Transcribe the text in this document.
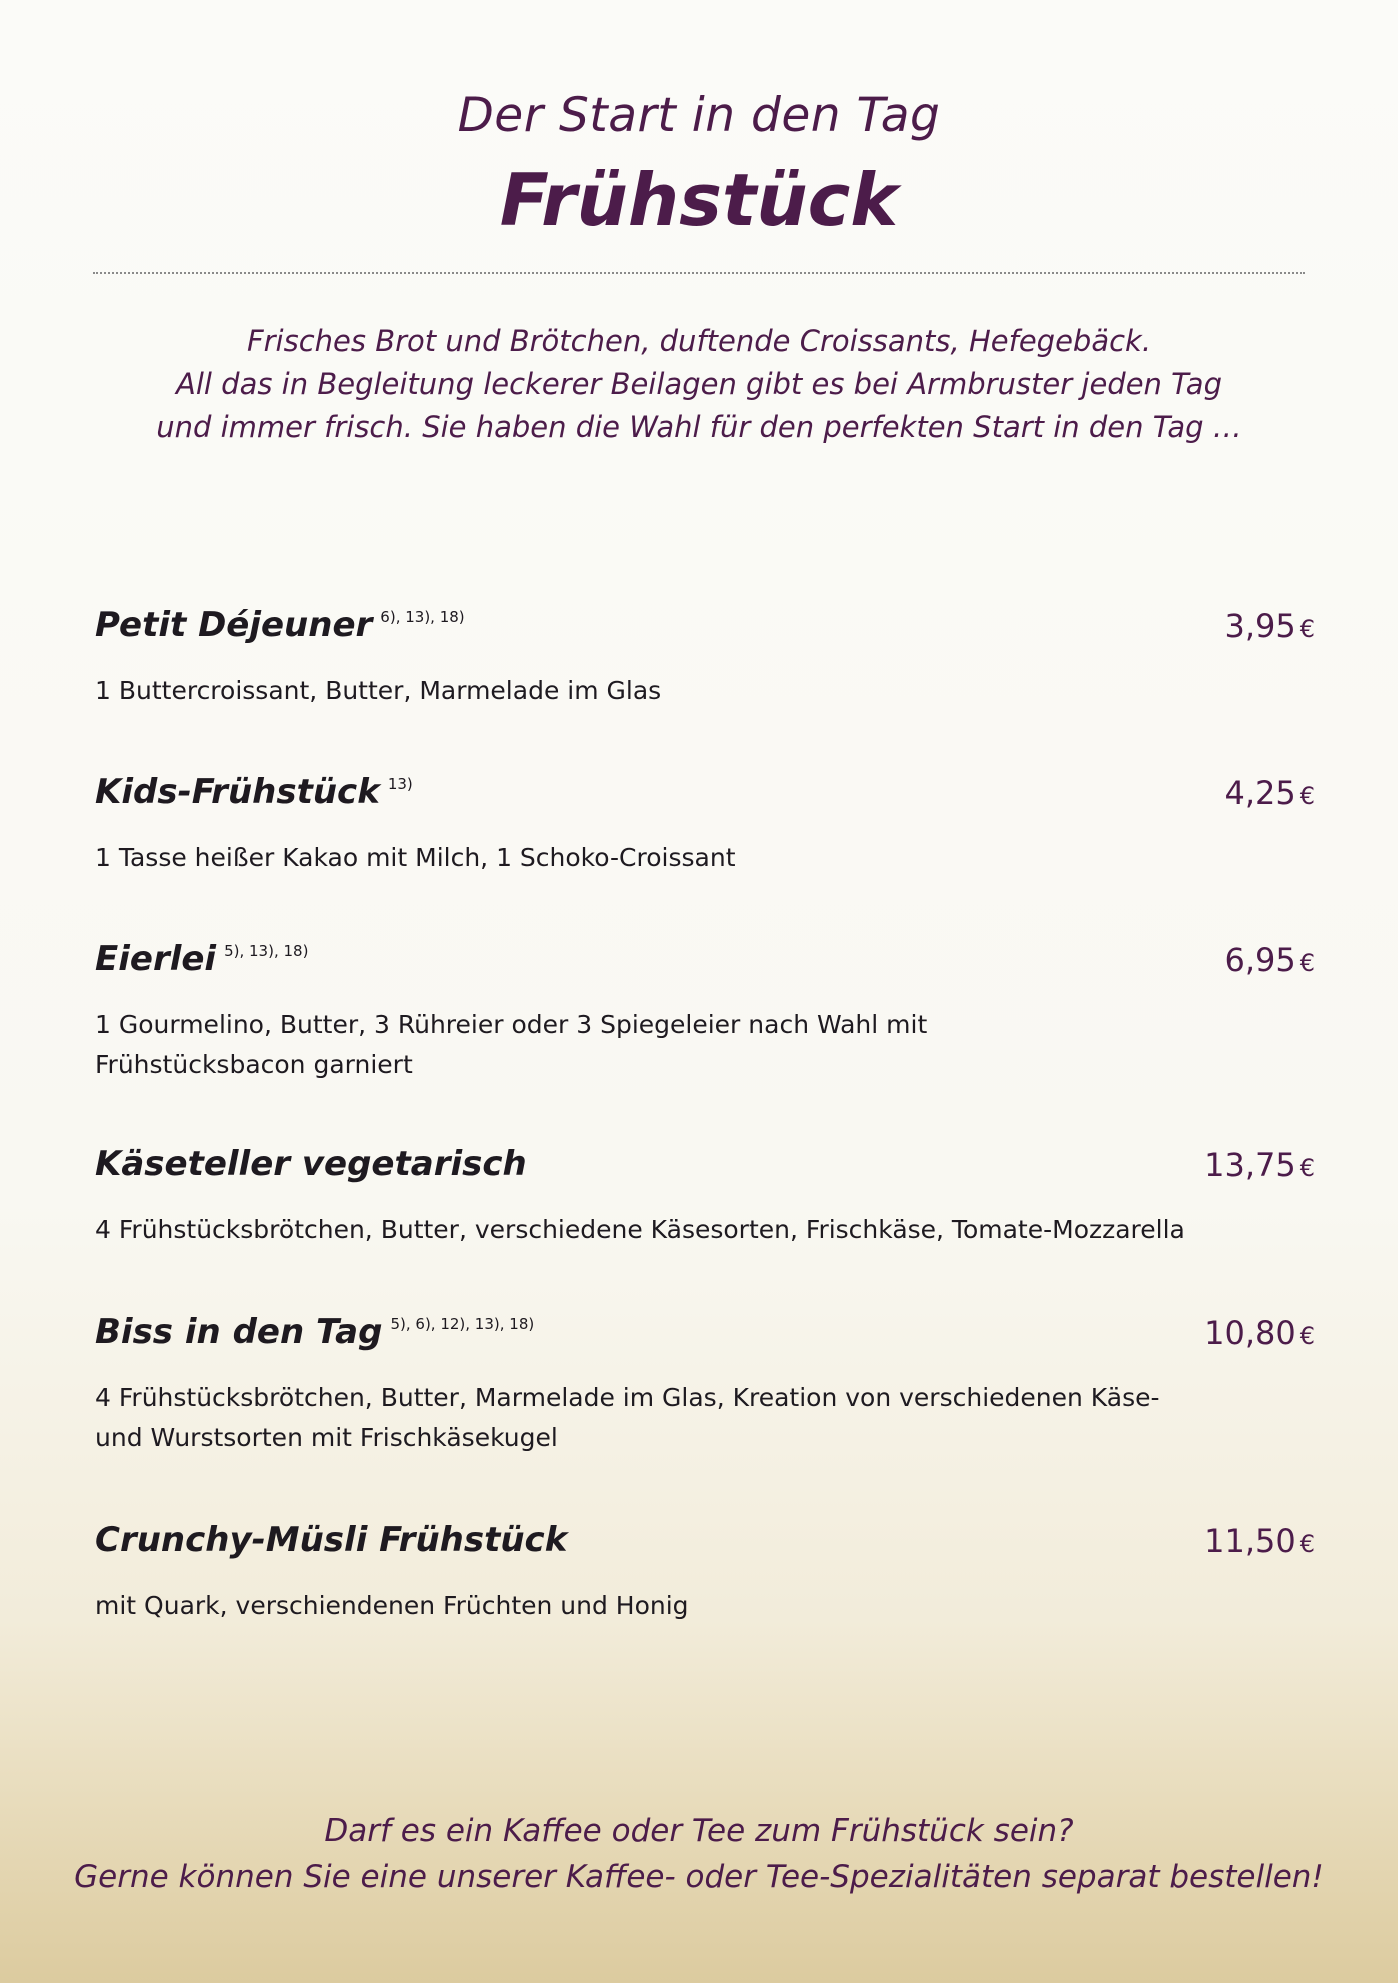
Der Start in den Tag
Frühstück
Frisches Brot und Brötchen, duftende Croissants, Hefegebäck.
All das in Begleitung leckerer Beilagen gibt es bei Armbruster jeden Tag
und immer frisch. Sie haben die Wahl für den perfekten Start in den Tag …
Petit Déjeuner $^{6), 13), 18)}$	3,95 €
1 Buttercroissant, Butter, Marmelade im Glas
Kids-Frühstück $^{13)}$	4,25 €
1 Tasse heißer Kakao mit Milch, 1 Schoko-Croissant
Eierlei $^{5), 13), 18)}$	6,95 €
1 Gourmelino, Butter, 3 Rühreier oder 3 Spiegeleier nach Wahl mit
Frühstücksbacon garniert
Käseteller vegetarisch	13,75 €
4 Frühstücksbrötchen, Butter, verschiedene Käsesorten, Frischkäse, Tomate-Mozzarella
Biss in den Tag $^{5), 6), 12), 13), 18)}$	10,80 €
4 Frühstücksbrötchen, Butter, Marmelade im Glas, Kreation von verschiedenen Käse-
und Wurstsorten mit Frischkäsekugel
Crunchy-Müsli Frühstück	11,50 €
mit Quark, verschiendenen Früchten und Honig
Darf es ein Kaffee oder Tee zum Frühstück sein?
Gerne können Sie eine unserer Kaffee- oder Tee-Spezialitäten separat bestellen!
